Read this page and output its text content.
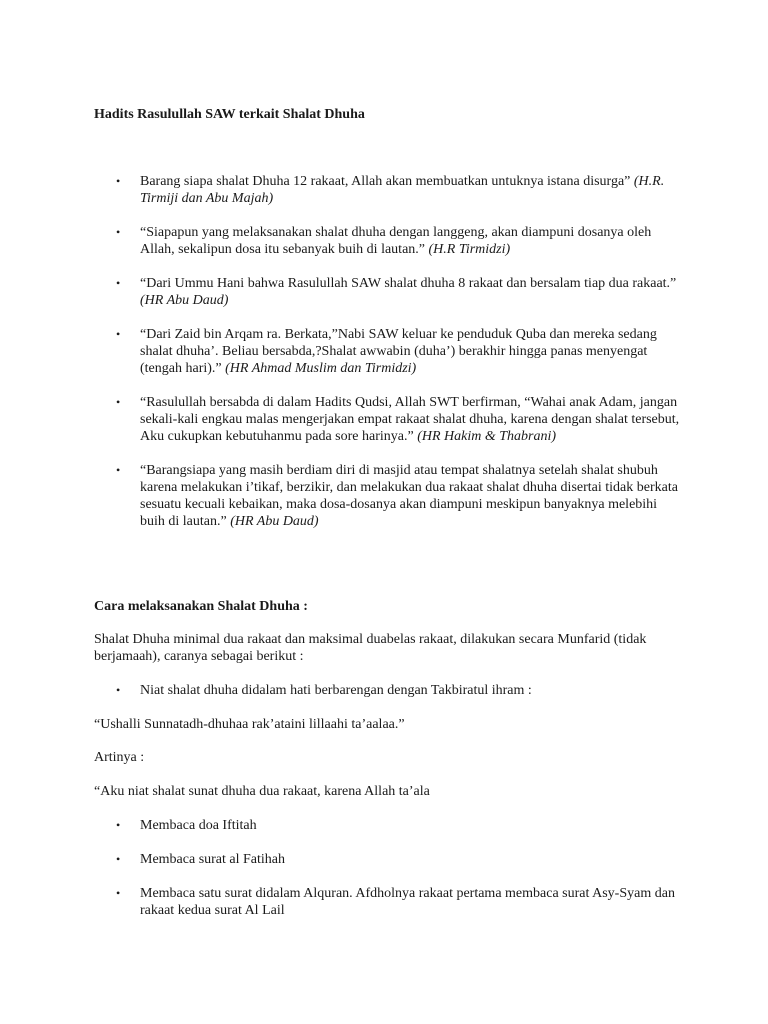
Hadits Rasulullah SAW terkait Shalat Dhuha

• Barang siapa shalat Dhuha 12 rakaat, Allah akan membuatkan untuknya istana disurga” (H.R. Tirmiji dan Abu Majah)
• “Siapapun yang melaksanakan shalat dhuha dengan langgeng, akan diampuni dosanya oleh Allah, sekalipun dosa itu sebanyak buih di lautan.” (H.R Tirmidzi)
• “Dari Ummu Hani bahwa Rasulullah SAW shalat dhuha 8 rakaat dan bersalam tiap dua rakaat.” (HR Abu Daud)
• “Dari Zaid bin Arqam ra. Berkata,”Nabi SAW keluar ke penduduk Quba dan mereka sedang shalat dhuha’. Beliau bersabda,?Shalat awwabin (duha’) berakhir hingga panas menyengat (tengah hari).” (HR Ahmad Muslim dan Tirmidzi)
• “Rasulullah bersabda di dalam Hadits Qudsi, Allah SWT berfirman, “Wahai anak Adam, jangan sekali-kali engkau malas mengerjakan empat rakaat shalat dhuha, karena dengan shalat tersebut, Aku cukupkan kebutuhanmu pada sore harinya.” (HR Hakim & Thabrani)
• “Barangsiapa yang masih berdiam diri di masjid atau tempat shalatnya setelah shalat shubuh karena melakukan i’tikaf, berzikir, dan melakukan dua rakaat shalat dhuha disertai tidak berkata sesuatu kecuali kebaikan, maka dosa-dosanya akan diampuni meskipun banyaknya melebihi buih di lautan.” (HR Abu Daud)

Cara melaksanakan Shalat Dhuha :

Shalat Dhuha minimal dua rakaat dan maksimal duabelas rakaat, dilakukan secara Munfarid (tidak berjamaah), caranya sebagai berikut :

• Niat shalat dhuha didalam hati berbarengan dengan Takbiratul ihram :

“Ushalli Sunnatadh-dhuhaa rak’ataini lillaahi ta’aalaa.”

Artinya :

“Aku niat shalat sunat dhuha dua rakaat, karena Allah ta’ala

• Membaca doa Iftitah
• Membaca surat al Fatihah
• Membaca satu surat didalam Alquran. Afdholnya rakaat pertama membaca surat Asy-Syam dan rakaat kedua surat Al Lail
